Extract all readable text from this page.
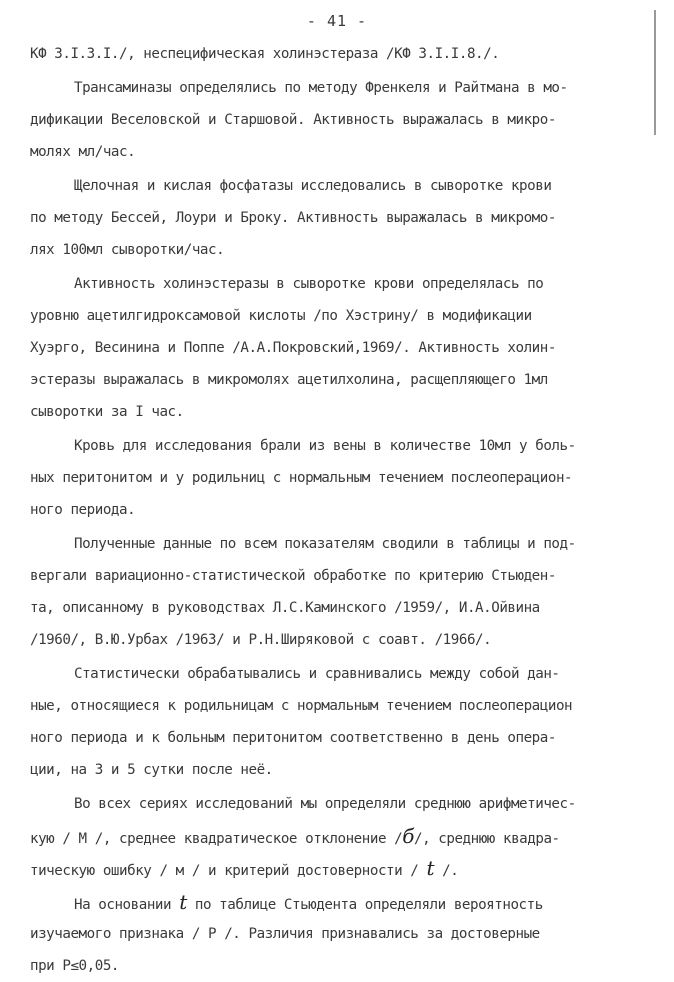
- 41 -
КФ 3.I.3.I./, неспецифическая холинэстераза /КФ 3.I.I.8./.
Трансаминазы определялись по методу Френкеля и Райтмана в мо-
дификации Веселовской и Старшовой. Активность выражалась в микро-
молях мл/час.
Щелочная и кислая фосфатазы исследовались в сыворотке крови
по методу Бессей, Лоури и Броку. Активность выражалась в микромо-
лях 100мл сыворотки/час.
Активность холинэстеразы в сыворотке крови определялась по
уровню ацетилгидроксамовой кислоты /по Хэстрину/ в модификации
Хуэрго, Весинина и Поппе /А.А.Покровский,1969/. Активность холин-
эстеразы выражалась в микромолях ацетилхолина, расщепляющего 1мл
сыворотки за I час.
Кровь для исследования брали из вены в количестве 10мл у боль-
ных перитонитом и у родильниц с нормальным течением послеоперацион-
ного периода.
Полученные данные по всем показателям сводили в таблицы и под-
вергали вариационно-статистической обработке по критерию Стьюден-
та, описанному в руководствах Л.С.Каминского /1959/, И.А.Ойвина
/1960/, В.Ю.Урбах /1963/ и Р.Н.Ширяковой с соавт. /1966/.
Статистически обрабатывались и сравнивались между собой дан-
ные, относящиеся к родильницам с нормальным течением послеоперацион
ного периода и к больным перитонитом соответственно в день опера-
ции, на 3 и 5 сутки после неё.
Во всех сериях исследований мы определяли среднюю арифметичес-
кую / М /, среднее квадратическое отклонение /б/, среднюю квадра-
тическую ошибку / м / и критерий достоверности / t /.
На основании t по таблице Стьюдента определяли вероятность
изучаемого признака / Р /. Различия признавались за достоверные
при Р≤0,05.
